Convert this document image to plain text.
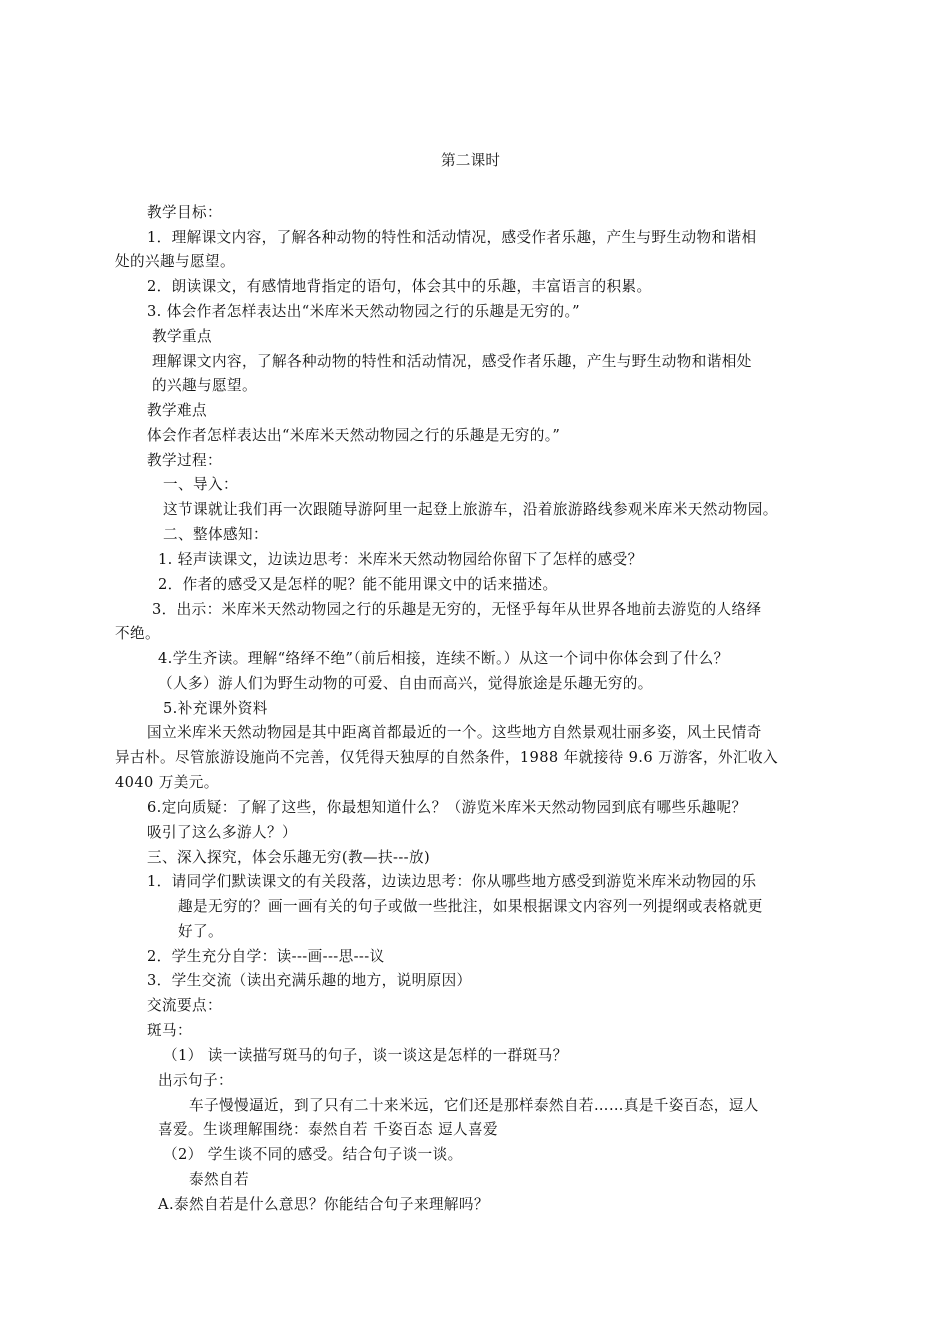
第二课时
教学目标：
1．理解课文内容，了解各种动物的特性和活动情况，感受作者乐趣，产生与野生动物和谐相
处的兴趣与愿望。
2．朗读课文，有感情地背指定的语句，体会其中的乐趣，丰富语言的积累。
3. 体会作者怎样表达出“米库米天然动物园之行的乐趣是无穷的。”
教学重点
理解课文内容，了解各种动物的特性和活动情况，感受作者乐趣，产生与野生动物和谐相处
的兴趣与愿望。
教学难点
体会作者怎样表达出“米库米天然动物园之行的乐趣是无穷的。”
教学过程：
一、导入：
这节课就让我们再一次跟随导游阿里一起登上旅游车，沿着旅游路线参观米库米天然动物园。
二、整体感知：
1. 轻声读课文，边读边思考：米库米天然动物园给你留下了怎样的感受？
2．作者的感受又是怎样的呢？能不能用课文中的话来描述。
3．出示：米库米天然动物园之行的乐趣是无穷的，无怪乎每年从世界各地前去游览的人络绎
不绝。
4.学生齐读。理解“络绎不绝”（前后相接，连续不断。）从这一个词中你体会到了什么？
（人多）游人们为野生动物的可爱、自由而高兴，觉得旅途是乐趣无穷的。
5.补充课外资料
国立米库米天然动物园是其中距离首都最近的一个。这些地方自然景观壮丽多姿，风土民情奇
异古朴。尽管旅游设施尚不完善，仅凭得天独厚的自然条件，1988 年就接待 9.6 万游客，外汇收入
4040 万美元。
6.定向质疑：了解了这些，你最想知道什么？（游览米库米天然动物园到底有哪些乐趣呢？
吸引了这么多游人？）
三、深入探究，体会乐趣无穷(教—扶---放)
1．请同学们默读课文的有关段落，边读边思考：你从哪些地方感受到游览米库米动物园的乐
趣是无穷的？画一画有关的句子或做一些批注，如果根据课文内容列一列提纲或表格就更
好了。
2．学生充分自学：读---画---思---议
3．学生交流（读出充满乐趣的地方，说明原因）
交流要点：
斑马：
（1） 读一读描写斑马的句子，谈一谈这是怎样的一群斑马？
出示句子：
车子慢慢逼近，到了只有二十来米远，它们还是那样泰然自若……真是千姿百态，逗人
喜爱。生谈理解围绕：泰然自若 千姿百态 逗人喜爱
（2） 学生谈不同的感受。结合句子谈一谈。
泰然自若
A.泰然自若是什么意思？你能结合句子来理解吗？
